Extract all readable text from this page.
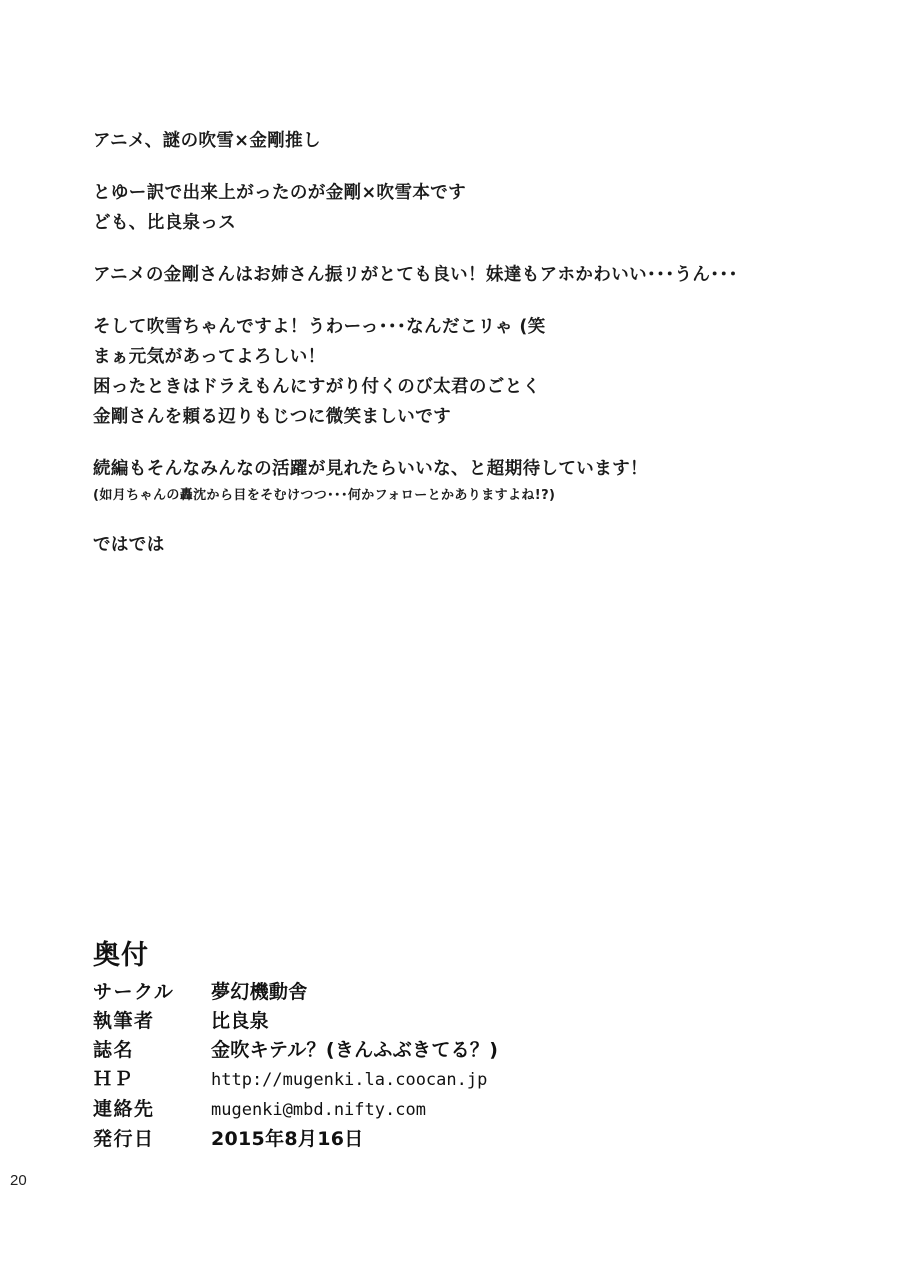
アニメ、謎の吹雪×金剛推し
とゆー訳で出来上がったのが金剛×吹雪本です
ども、比良泉っス
アニメの金剛さんはお姉さん振リがとても良い！妹達もアホかわいい･･･うん･･･
そして吹雪ちゃんですよ！うわーっ･･･なんだこリゃ (笑
まぁ元気があってよろしい！
困ったときはドラえもんにすがり付くのび太君のごとく
金剛さんを頼る辺りもじつに微笑ましいです
続編もそんなみんなの活躍が見れたらいいな、と超期待しています！
(如月ちゃんの轟沈から目をそむけつつ･･･何かフォローとかありますよね!?)
ではでは
奥付
サークル	夢幻機動舎
執筆者	比良泉
誌名	金吹キテル？(きんふぶきてる？)
ＨＰ	http://mugenki.la.coocan.jp
連絡先	mugenki@mbd.nifty.com
発行日	2015年8月16日
20
